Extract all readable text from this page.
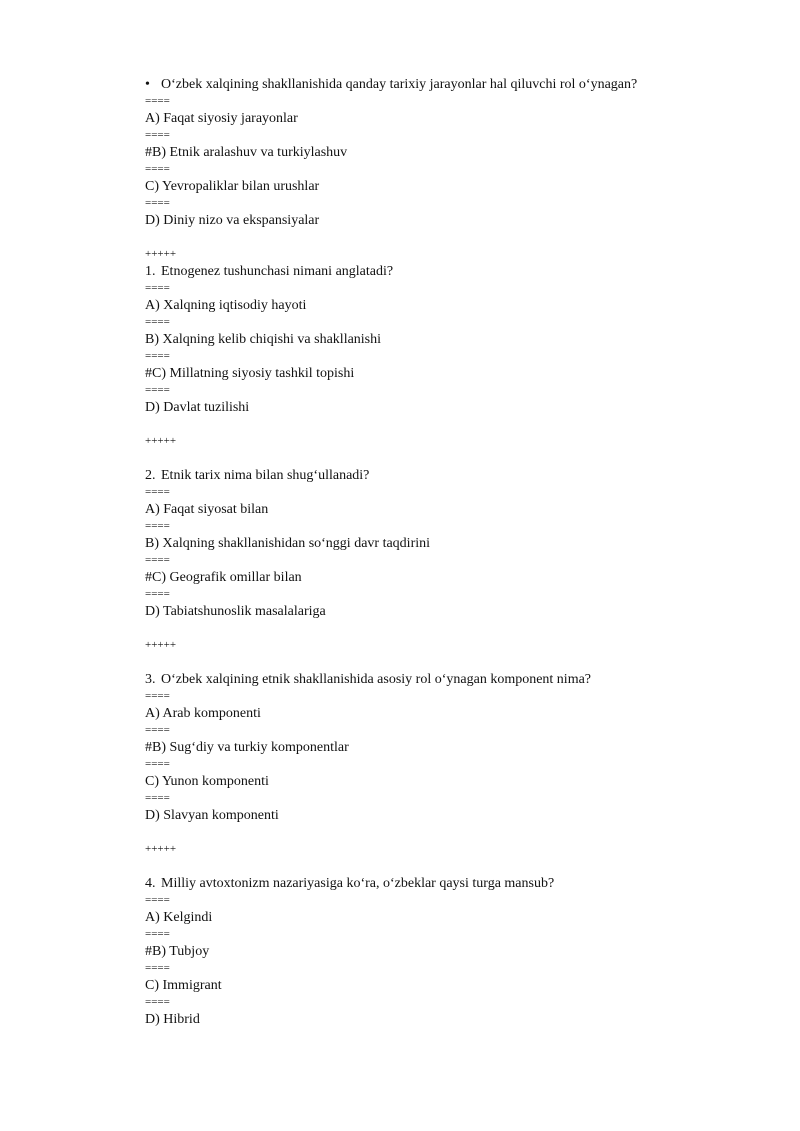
• O‘zbek xalqining shakllanishida qanday tarixiy jarayonlar hal qiluvchi rol o‘ynagan?
====
A) Faqat siyosiy jarayonlar
====
#B) Etnik aralashuv va turkiylashuv
====
C) Yevropaliklar bilan urushlar
====
D) Diniy nizo va ekspansiyalar
+++++
1. Etnogenez tushunchasi nimani anglatadi?
====
A) Xalqning iqtisodiy hayoti
====
B) Xalqning kelib chiqishi va shakllanishi
====
#C) Millatning siyosiy tashkil topishi
====
D) Davlat tuzilishi
+++++
2. Etnik tarix nima bilan shug‘ullanadi?
====
A) Faqat siyosat bilan
====
B) Xalqning shakllanishidan so‘nggi davr taqdirini
====
#C) Geografik omillar bilan
====
D) Tabiatshunoslik masalalariga
+++++
3. O‘zbek xalqining etnik shakllanishida asosiy rol o‘ynagan komponent nima?
====
A) Arab komponenti
====
#B) Sug‘diy va turkiy komponentlar
====
C) Yunon komponenti
====
D) Slavyan komponenti
+++++
4. Milliy avtoxtonizm nazariyasiga ko‘ra, o‘zbeklar qaysi turga mansub?
====
A) Kelgindi
====
#B) Tubjoy
====
C) Immigrant
====
D) Hibrid
